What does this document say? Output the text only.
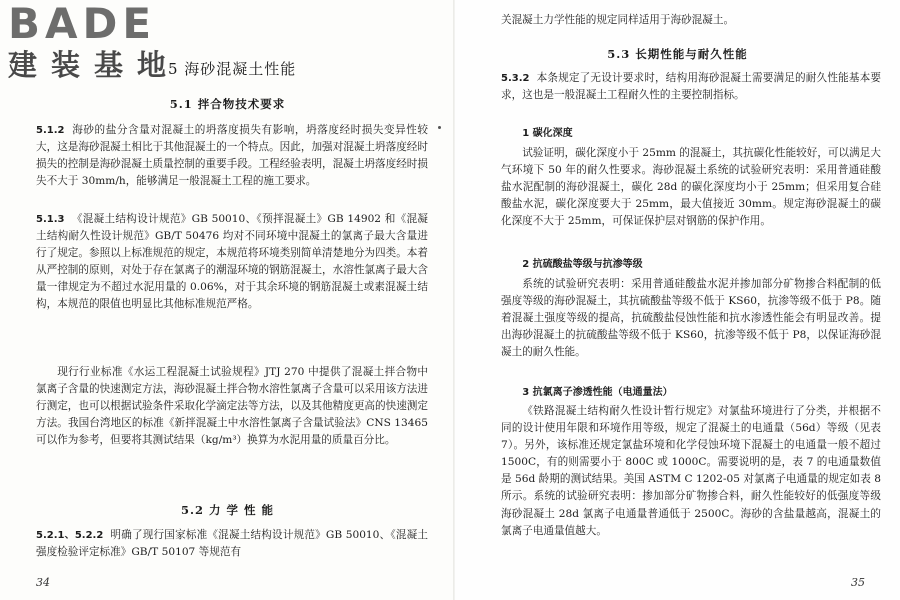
BADE
建装基地
5 海砂混凝土性能
5.1 拌合物技术要求

5.1.2 海砂的盐分含量对混凝土的坍落度损失有影响，坍落度经时损失变异性较大，这是海砂混凝土相比于其他混凝土的一个特点。因此，加强对混凝土坍落度经时损失的控制是海砂混凝土质量控制的重要手段。工程经验表明，混凝土坍落度经时损失不大于 30mm/h，能够满足一般混凝土工程的施工要求。

5.1.3 《混凝土结构设计规范》GB 50010、《预拌混凝土》GB 14902 和《混凝土结构耐久性设计规范》GB/T 50476 均对不同环境中混凝土的氯离子最大含量进行了规定。参照以上标准规范的规定，本规范将环境类别简单清楚地分为四类。本着从严控制的原则，对处于存在氯离子的潮湿环境的钢筋混凝土，水溶性氯离子最大含量一律规定为不超过水泥用量的 0.06%，对于其余环境的钢筋混凝土或素混凝土结构，本规范的限值也明显比其他标准规范严格。

现行行业标准《水运工程混凝土试验规程》JTJ 270 中提供了混凝土拌合物中氯离子含量的快速测定方法，海砂混凝土拌合物水溶性氯离子含量可以采用该方法进行测定，也可以根据试验条件采取化学滴定法等方法，以及其他精度更高的快速测定方法。我国台湾地区的标准《新拌混凝土中水溶性氯离子含量试验法》CNS 13465 可以作为参考，但要将其测试结果（kg/m³）换算为水泥用量的质量百分比。

5.2 力 学 性 能

5.2.1、5.2.2 明确了现行国家标准《混凝土结构设计规范》GB 50010、《混凝土强度检验评定标准》GB/T 50107 等规范有

34

关混凝土力学性能的规定同样适用于海砂混凝土。

5.3 长期性能与耐久性能

5.3.2 本条规定了无设计要求时，结构用海砂混凝土需要满足的耐久性能基本要求，这也是一般混凝土工程耐久性的主要控制指标。

1 碳化深度

试验证明，碳化深度小于 25mm 的混凝土，其抗碳化性能较好，可以满足大气环境下 50 年的耐久性要求。海砂混凝土系统的试验研究表明：采用普通硅酸盐水泥配制的海砂混凝土，碳化 28d 的碳化深度均小于 25mm；但采用复合硅酸盐水泥，碳化深度要大于 25mm，最大值接近 30mm。规定海砂混凝土的碳化深度不大于 25mm，可保证保护层对钢筋的保护作用。

2 抗硫酸盐等级与抗渗等级

系统的试验研究表明：采用普通硅酸盐水泥并掺加部分矿物掺合料配制的低强度等级的海砂混凝土，其抗硫酸盐等级不低于 KS60，抗渗等级不低于 P8。随着混凝土强度等级的提高，抗硫酸盐侵蚀性能和抗水渗透性能会有明显改善。提出海砂混凝土的抗硫酸盐等级不低于 KS60，抗渗等级不低于 P8，以保证海砂混凝土的耐久性能。

3 抗氯离子渗透性能（电通量法）

《铁路混凝土结构耐久性设计暂行规定》对氯盐环境进行了分类，并根据不同的设计使用年限和环境作用等级，规定了混凝土的电通量（56d）等级（见表 7）。另外，该标准还规定氯盐环境和化学侵蚀环境下混凝土的电通量一般不超过 1500C，有的则需要小于 800C 或 1000C。需要说明的是，表 7 的电通量数值是 56d 龄期的测试结果。美国 ASTM C 1202-05 对氯离子电通量的规定如表 8 所示。系统的试验研究表明：掺加部分矿物掺合料，耐久性能较好的低强度等级海砂混凝土 28d 氯离子电通量普通低于 2500C。海砂的含盐量越高，混凝土的氯离子电通量值越大。

35
